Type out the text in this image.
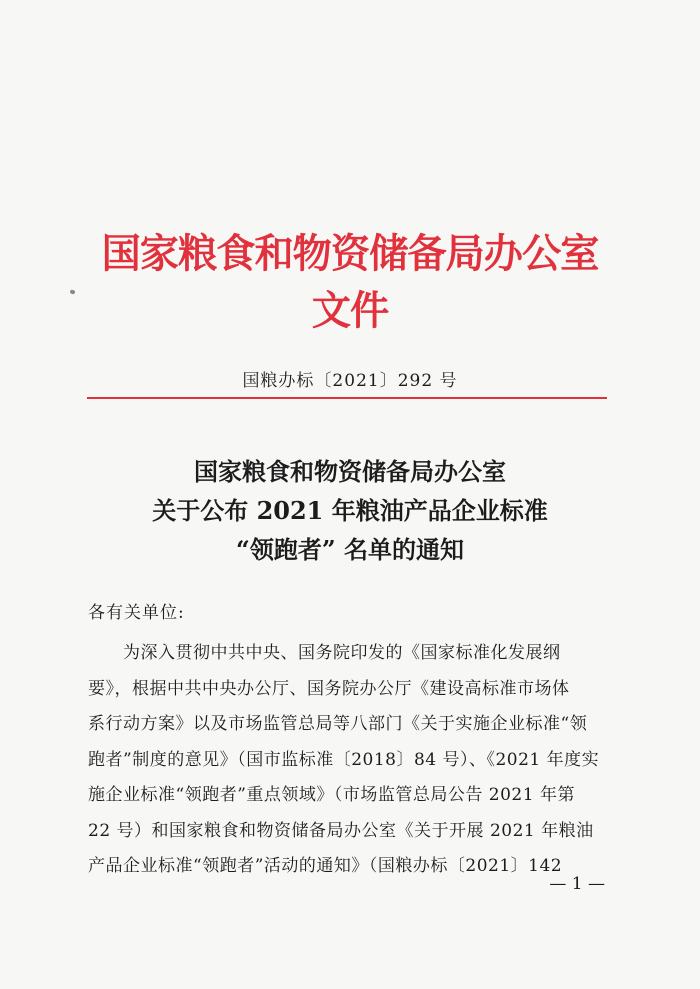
国家粮食和物资储备局办公室文件
国粮办标〔2021〕292 号
国家粮食和物资储备局办公室
关于公布 2021 年粮油产品企业标准
“领跑者” 名单的通知
各有关单位:
　　为深入贯彻中共中央、国务院印发的《国家标准化发展纲
要》，根据中共中央办公厅、国务院办公厅《建设高标准市场体
系行动方案》以及市场监管总局等八部门《关于实施企业标准“领
跑者”制度的意见》（国市监标准〔2018〕84 号）、《2021 年度实
施企业标准“领跑者”重点领域》（市场监管总局公告 2021 年第
22 号）和国家粮食和物资储备局办公室《关于开展 2021 年粮油
产品企业标准“领跑者”活动的通知》（国粮办标〔2021〕142
— 1 —
